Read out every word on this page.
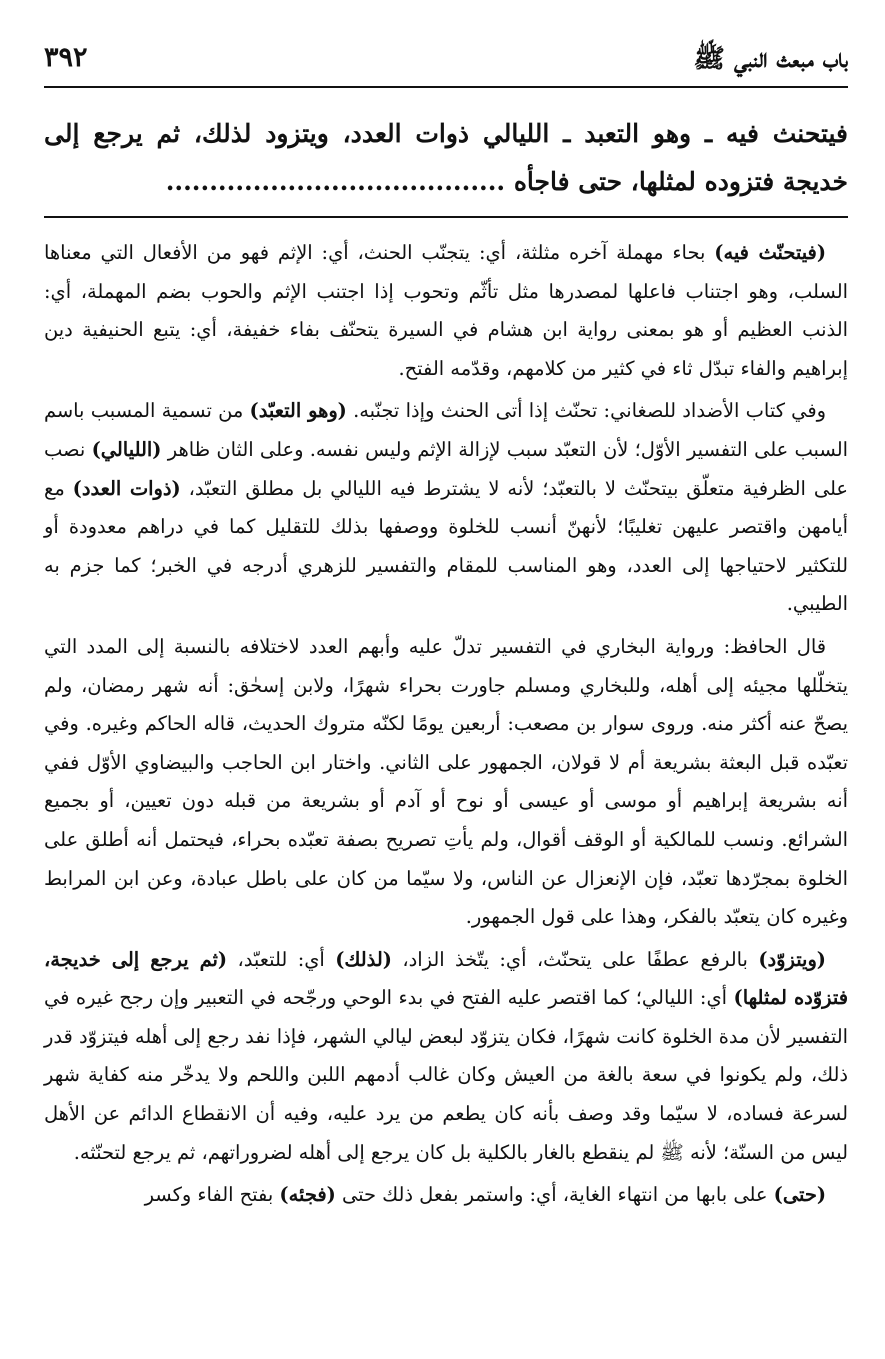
باب مبعث النبي ﷺ
٣٩٢
فيتحنث فيه ـ وهو التعبد ـ الليالي ذوات العدد، ويتزود لذلك، ثم يرجع إلى خديجة فتزوده لمثلها، حتى فاجأه .......................................

(فيتحنّث فيه) بحاء مهملة آخره مثلثة، أي: يتجنّب الحنث، أي: الإثم فهو من الأفعال التي معناها السلب، وهو اجتناب فاعلها لمصدرها مثل تأثّم وتحوب إذا اجتنب الإثم والحوب بضم المهملة، أي: الذنب العظيم أو هو بمعنى رواية ابن هشام في السيرة يتحنّف بفاء خفيفة، أي: يتبع الحنيفية دين إبراهيم والفاء تبدّل ثاء في كثير من كلامهم، وقدّمه الفتح.

وفي كتاب الأضداد للصغاني: تحنّث إذا أتى الحنث وإذا تجنّبه. (وهو التعبّد) من تسمية المسبب باسم السبب على التفسير الأوّل؛ لأن التعبّد سبب لإزالة الإثم وليس نفسه. وعلى الثان ظاهر (الليالي) نصب على الظرفية متعلّق بيتحنّث لا بالتعبّد؛ لأنه لا يشترط فيه الليالي بل مطلق التعبّد، (ذوات العدد) مع أيامهن واقتصر عليهن تغليبًا؛ لأنهنّ أنسب للخلوة ووصفها بذلك للتقليل كما في دراهم معدودة أو للتكثير لاحتياجها إلى العدد، وهو المناسب للمقام والتفسير للزهري أدرجه في الخبر؛ كما جزم به الطيبي.

قال الحافظ: ورواية البخاري في التفسير تدلّ عليه وأبهم العدد لاختلافه بالنسبة إلى المدد التي يتخلّلها مجيئه إلى أهله، وللبخاري ومسلم جاورت بحراء شهرًا، ولابن إسحٰق: أنه شهر رمضان، ولم يصحّ عنه أكثر منه. وروى سوار بن مصعب: أربعين يومًا لكنّه متروك الحديث، قاله الحاكم وغيره. وفي تعبّده قبل البعثة بشريعة أم لا قولان، الجمهور على الثاني. واختار ابن الحاجب والبيضاوي الأوّل ففي أنه بشريعة إبراهيم أو موسى أو عيسى أو نوح أو آدم أو بشريعة من قبله دون تعيين، أو بجميع الشرائع. ونسب للمالكية أو الوقف أقوال، ولم يأتِ تصريح بصفة تعبّده بحراء، فيحتمل أنه أطلق على الخلوة بمجرّدها تعبّد، فإن الإنعزال عن الناس، ولا سيّما من كان على باطل عبادة، وعن ابن المرابط وغيره كان يتعبّد بالفكر، وهذا على قول الجمهور.

(ويتزوّد) بالرفع عطفًا على يتحنّث، أي: يتّخذ الزاد، (لذلك) أي: للتعبّد، (ثم يرجع إلى خديجة، فتزوّده لمثلها) أي: الليالي؛ كما اقتصر عليه الفتح في بدء الوحي ورجّحه في التعبير وإن رجح غيره في التفسير لأن مدة الخلوة كانت شهرًا، فكان يتزوّد لبعض ليالي الشهر، فإذا نفد رجع إلى أهله فيتزوّد قدر ذلك، ولم يكونوا في سعة بالغة من العيش وكان غالب أدمهم اللبن واللحم ولا يدخّر منه كفاية شهر لسرعة فساده، لا سيّما وقد وصف بأنه كان يطعم من يرد عليه، وفيه أن الانقطاع الدائم عن الأهل ليس من السنّة؛ لأنه ﷺ لم ينقطع بالغار بالكلية بل كان يرجع إلى أهله لضروراتهم، ثم يرجع لتحنّثه.

(حتى) على بابها من انتهاء الغاية، أي: واستمر بفعل ذلك حتى (فجئه) بفتح الفاء وكسر
